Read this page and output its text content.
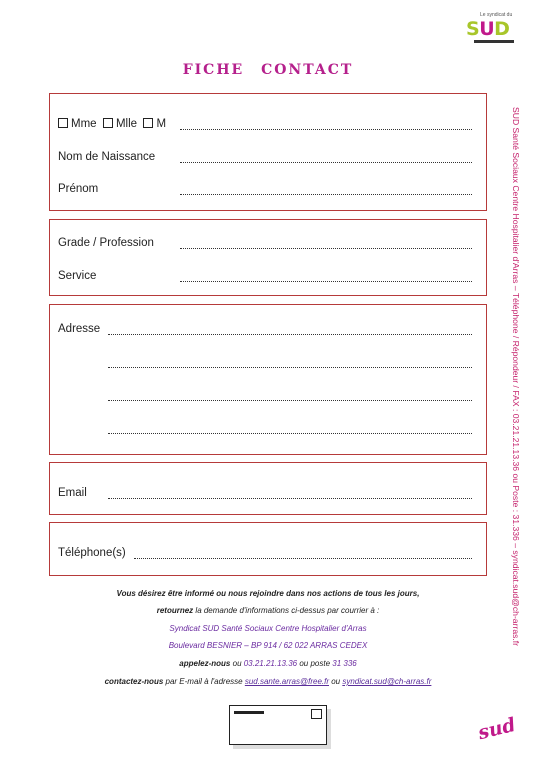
Le syndicat du
SUD
FICHE CONTACT
Mme Mlle M
Nom de Naissance
Prénom
Grade / Profession
Service
Adresse
Email
Téléphone(s)	SUD Santé Sociaux Centre Hospitalier d'Arras – Téléphone / Répondeur / FAX : 03.21.21.13.36 ou Poste : 31.336 – syndicat.sud@ch-arras.fr
Vous désirez être informé ou nous rejoindre dans nos actions de tous les jours,
retournez la demande d'informations ci-dessus par courrier à :
Syndicat SUD Santé Sociaux Centre Hospitalier d'Arras
Boulevard BESNIER – BP 914 / 62 022 ARRAS CEDEX
appelez-nous ou 03.21.21.13.36 ou poste 31 336
contactez-nous par E-mail à l'adresse sud.sante.arras@free.fr ou syndicat.sud@ch-arras.fr
sud
